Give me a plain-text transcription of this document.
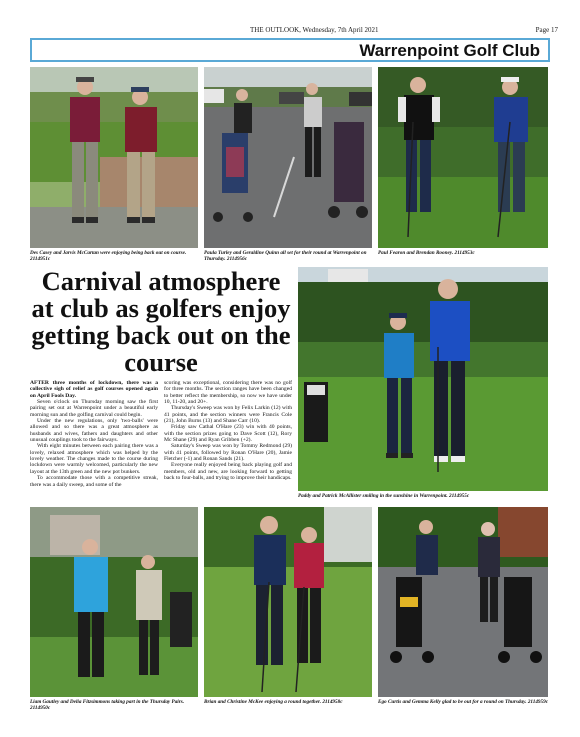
THE OUTLOOK, Wednesday, 7th April 2021	Page 17
Warrenpoint Golf Club
Des Casey and Jarvis McCartan were enjoying being back out on course. 2114951c
Paula Turley and Geraldine Quinn all set for their round at Warrenpoint on Thursday. 2114956c
Paul Fearon and Brendan Rooney. 2114953c
Carnival atmosphere at club as golfers enjoy getting back out on the course

AFTER three months of lockdown, there was a collective sigh of relief as golf courses opened again on April Fools Day.

Seven o'clock on Thursday morning saw the first pairing set out at Warrenpoint under a beautiful early morning sun and the golfing carnival could begin.

Under the new regulations, only 'two-balls' were allowed and so there was a great atmosphere as husbands and wives, fathers and daughters and other unusual couplings took to the fairways.

With eight minutes between each pairing there was a lovely, relaxed atmosphere which was helped by the lovely weather. The changes made to the course during lockdown were warmly welcomed, particularly the new layout at the 13th green and the new pot bunkers.

To accommodate those with a competitive streak, there was a daily sweep, and some of the

scoring was exceptional, considering there was no golf for three months. The section ranges have been changed to better reflect the membership, so now we have under 10, 11-20, and 20+.

Thursday's Sweep was won by Felix Larkin (12) with 41 points, and the section winners were Francis Cole (21), John Burns (13) and Shane Carr (10).

Friday saw Cathal O'Hare (23) win with 40 points, with the section prizes going to Dave Scott (12), Rory Mc Shane (29) and Ryan Gribben (+2).

Saturday's Sweep was won by Tommy Redmond (29) with 41 points, followed by Ronan O'Hare (20), Jamie Fletcher (-1) and Ronan Sands (21).

Everyone really enjoyed being back playing golf and members, old and new, are looking forward to getting back to four-balls, and trying to improve their handicaps.

Paddy and Patrick McAllister smiling in the sunshine in Warrenpoint. 2114955c
Liam Gautley and Delia Fitzsimmons taking part in the Thursday Pairs. 2114950c
Brian and Christine McKee enjoying a round together. 2114958c	Ego Curtis and Gemma Kelly glad to be out for a round on Thursday. 2114959c
